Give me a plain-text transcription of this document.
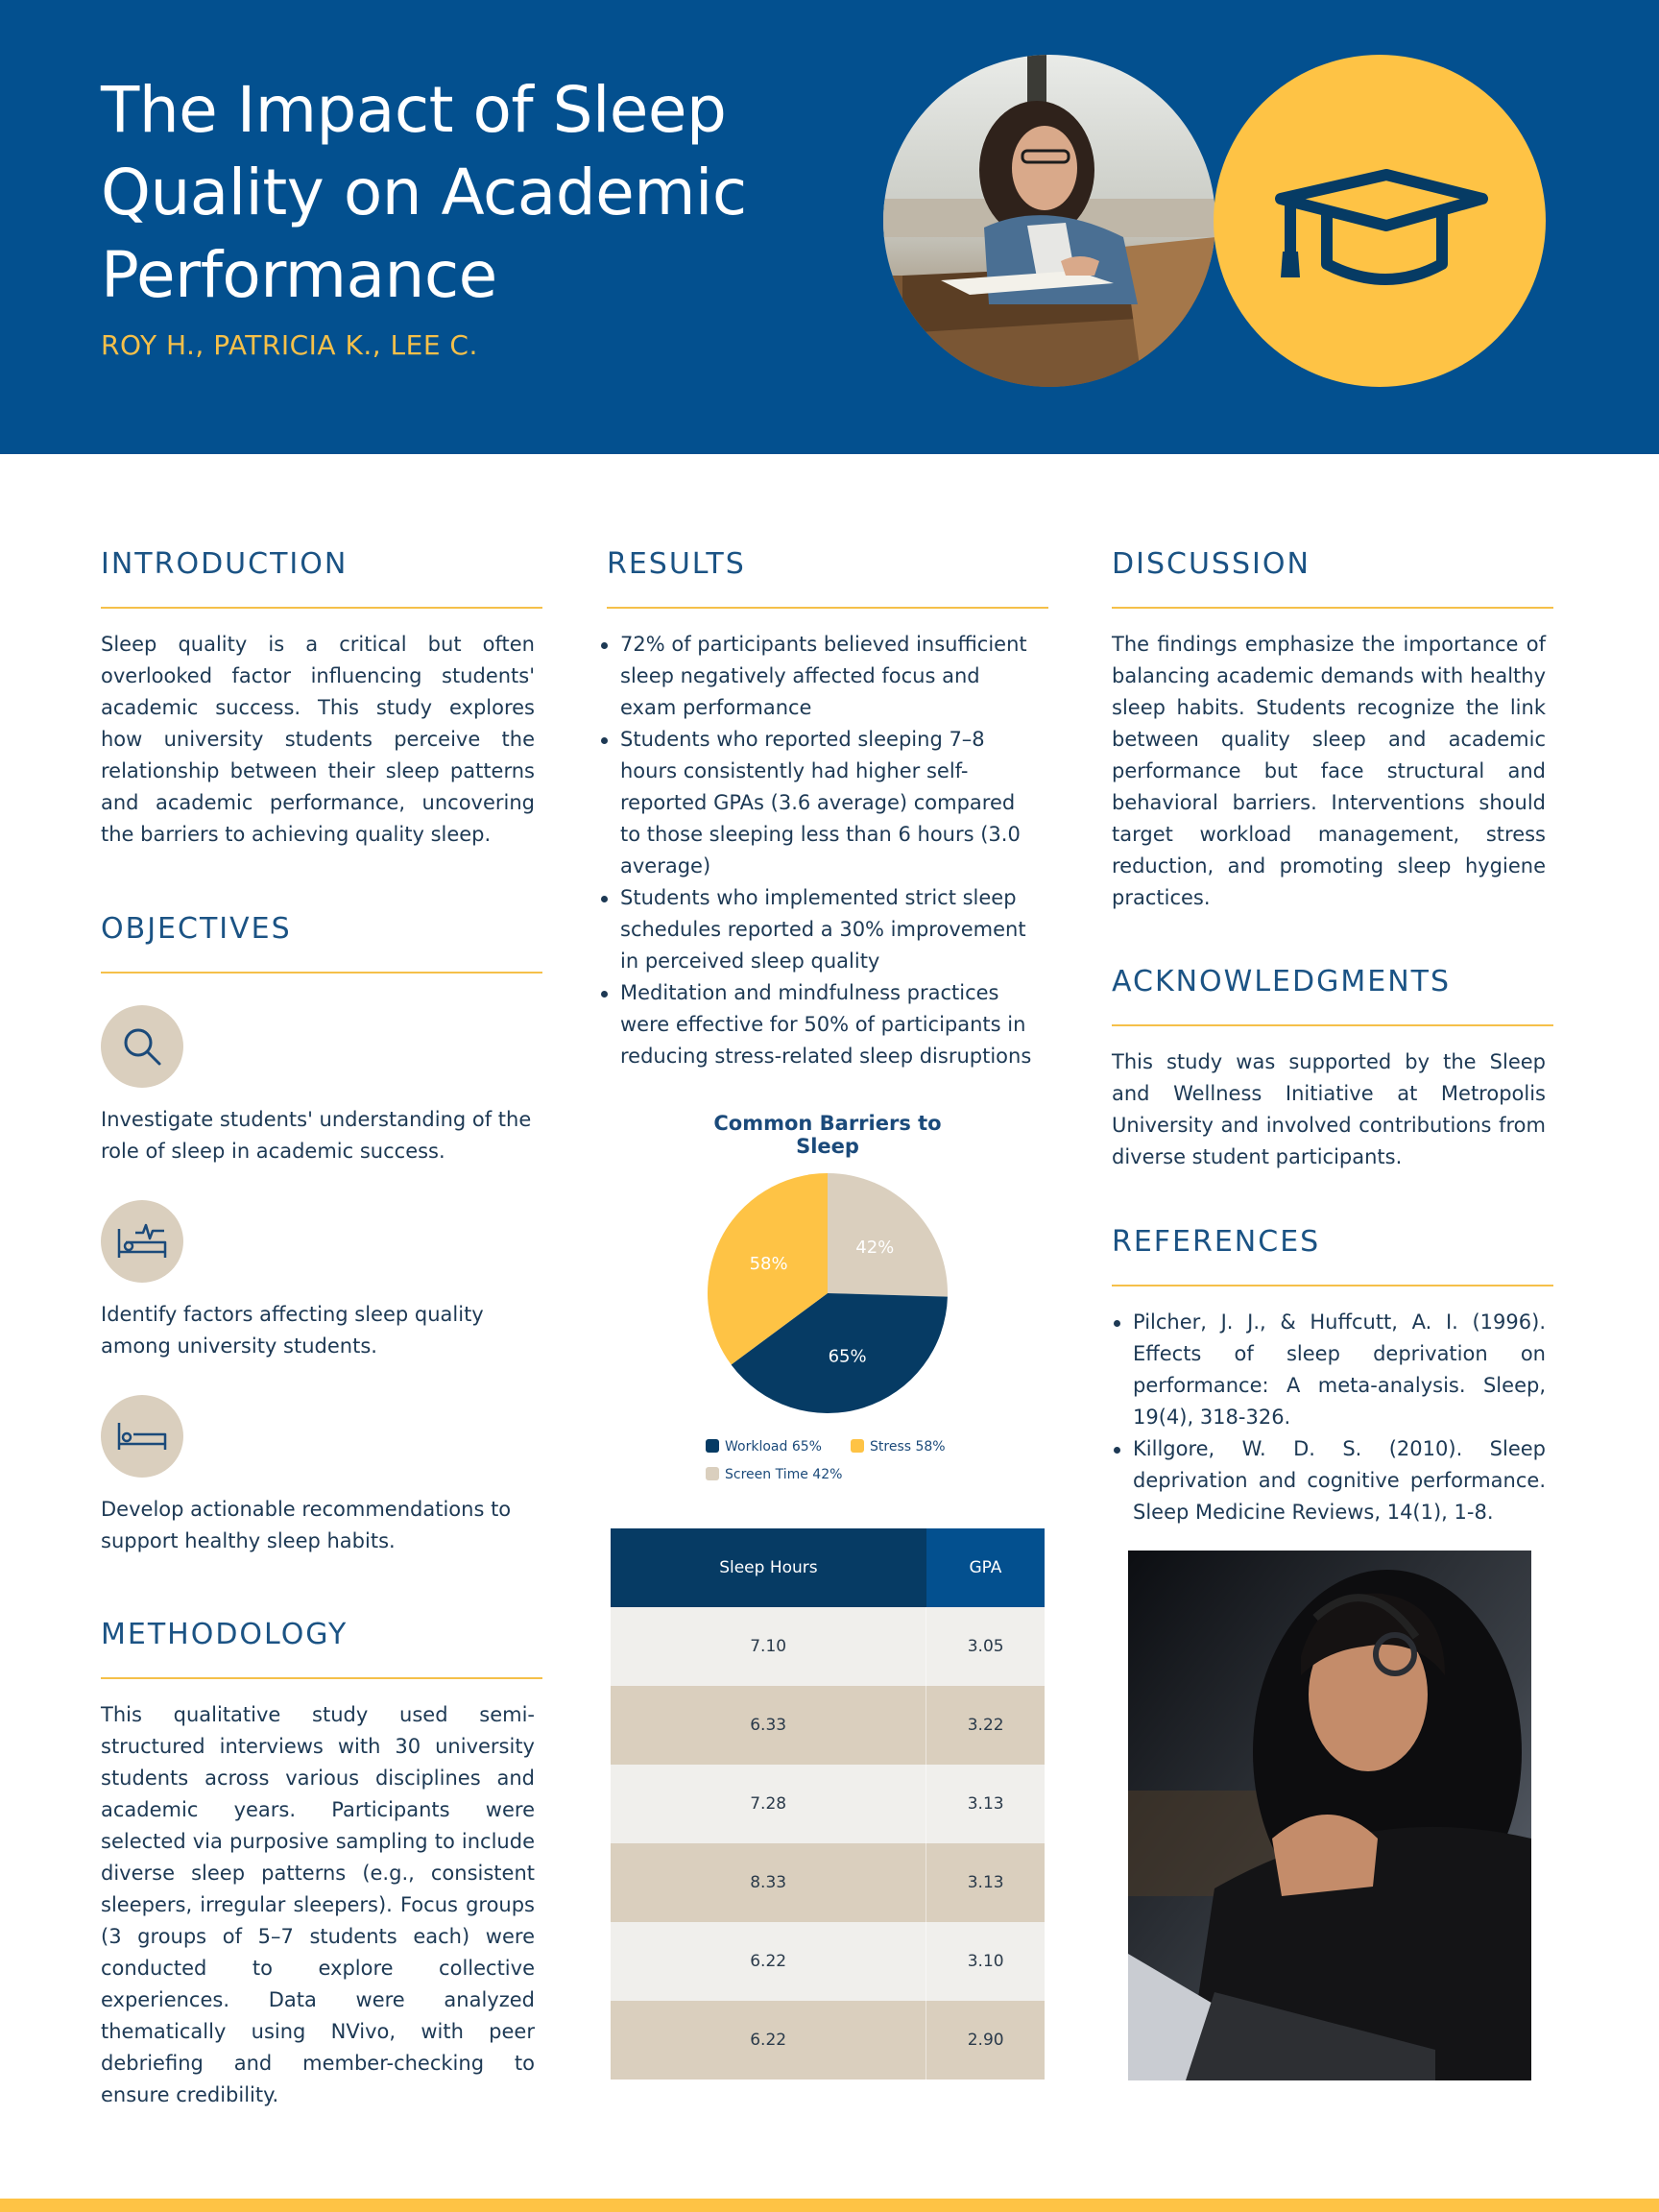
The Impact of Sleep Quality on Academic Performance
ROY H., PATRICIA K., LEE C.
INTRODUCTION

Sleep quality is a critical but often overlooked factor influencing students' academic success. This study explores how university students perceive the relationship between their sleep patterns and academic performance, uncovering the barriers to achieving quality sleep.

OBJECTIVES

Investigate students' understanding of the role of sleep in academic success.

Identify factors affecting sleep quality among university students.

Develop actionable recommendations to support healthy sleep habits.

METHODOLOGY

This qualitative study used semi-structured interviews with 30 university students across various disciplines and academic years. Participants were selected via purposive sampling to include diverse sleep patterns (e.g., consistent sleepers, irregular sleepers). Focus groups (3 groups of 5–7 students each) were conducted to explore collective experiences. Data were analyzed thematically using NVivo, with peer debriefing and member-checking to ensure credibility.

RESULTS
72% of participants believed insufficient sleep negatively affected focus and exam performance
Students who reported sleeping 7–8 hours consistently had higher self-reported GPAs (3.6 average) compared to those sleeping less than 6 hours (3.0 average)
Students who implemented strict sleep schedules reported a 30% improvement in perceived sleep quality
Meditation and mindfulness practices were effective for 50% of participants in reducing stress-related sleep disruptions
Common Barriers to Sleep
42%
65%
58%
Workload 65%	Stress 58%
Screen Time 42%
Sleep Hours	GPA
7.10	3.05
6.33	3.22
7.28	3.13
8.33	3.13
6.22	3.10
6.22	2.90
DISCUSSION

The findings emphasize the importance of balancing academic demands with healthy sleep habits. Students recognize the link between quality sleep and academic performance but face structural and behavioral barriers. Interventions should target workload management, stress reduction, and promoting sleep hygiene practices.

ACKNOWLEDGMENTS

This study was supported by the Sleep and Wellness Initiative at Metropolis University and involved contributions from diverse student participants.

REFERENCES
Pilcher, J. J., & Huffcutt, A. I. (1996). Effects of sleep deprivation on performance: A meta-analysis. Sleep, 19(4), 318-326.
Killgore, W. D. S. (2010). Sleep deprivation and cognitive performance. Sleep Medicine Reviews, 14(1), 1-8.
